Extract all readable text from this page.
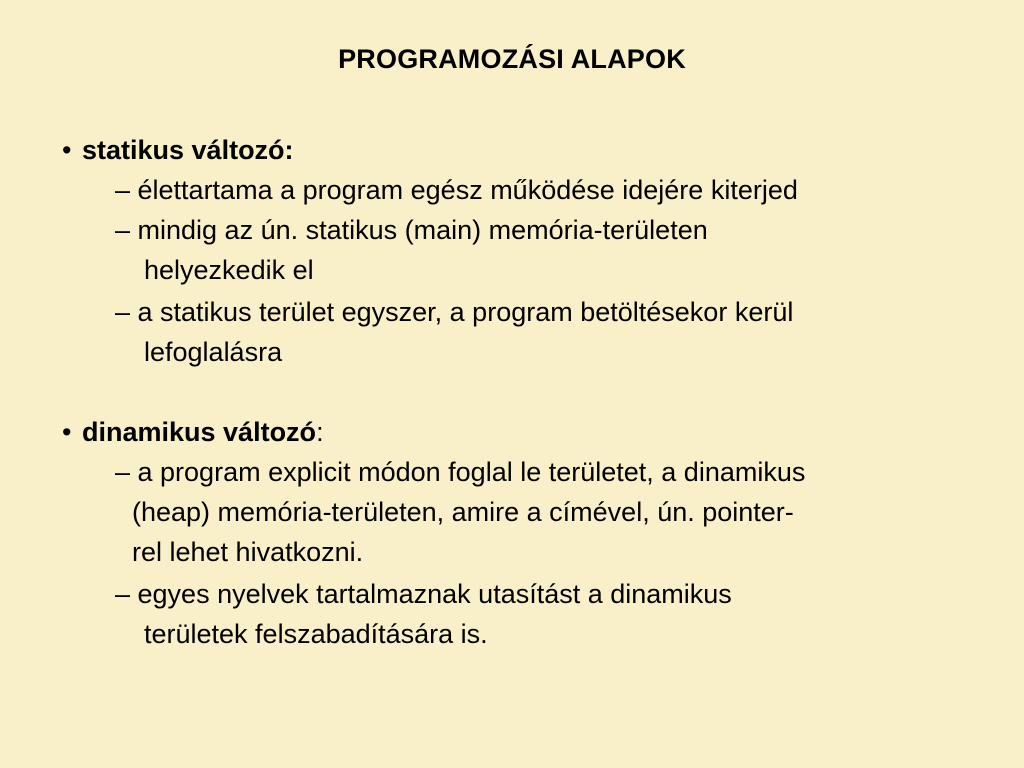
PROGRAMOZÁSI ALAPOK
• statikus változó:
– élettartama a program egész működése idejére kiterjed
– mindig az ún. statikus (main) memória-területen
helyezkedik el
– a statikus terület egyszer, a program betöltésekor kerül
lefoglalásra
• dinamikus változó:
– a program explicit módon foglal le területet, a dinamikus
(heap) memória-területen, amire a címével, ún. pointer-
rel lehet hivatkozni.
– egyes nyelvek tartalmaznak utasítást a dinamikus
területek felszabadítására is.
